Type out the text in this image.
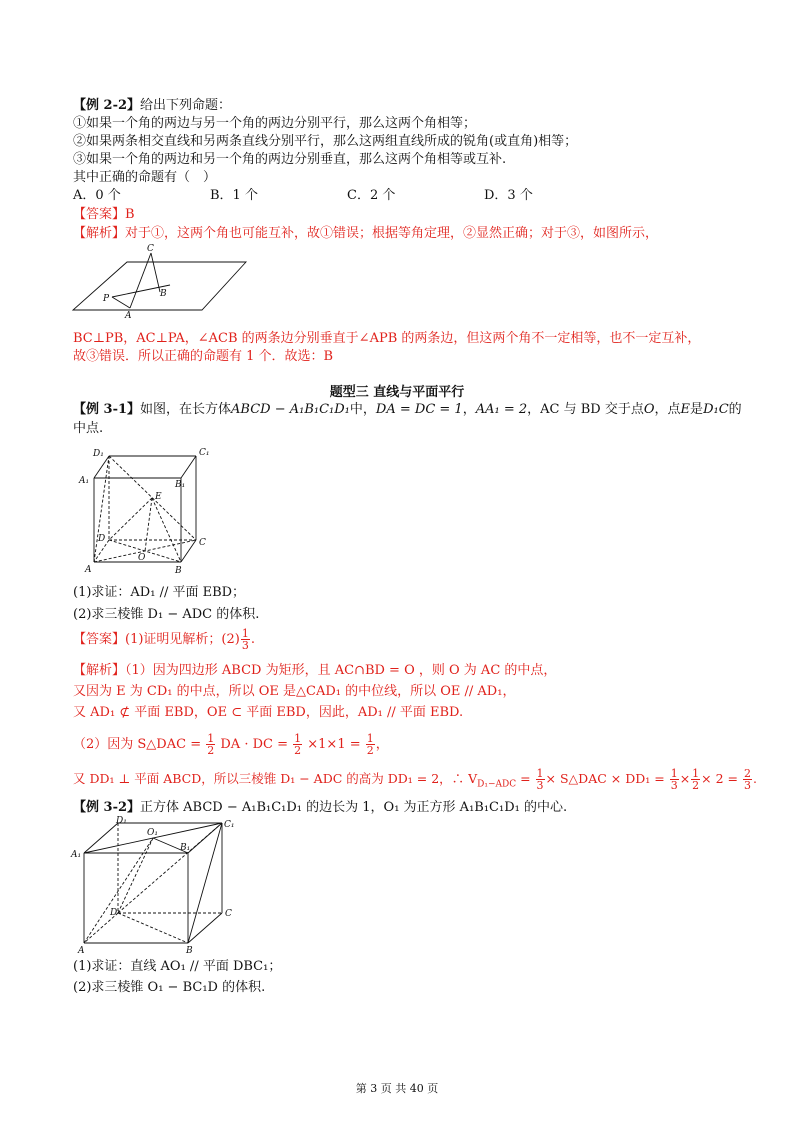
【例 2-2】给出下列命题：
①如果一个角的两边与另一个角的两边分别平行，那么这两个角相等；
②如果两条相交直线和另两条直线分别平行，那么这两组直线所成的锐角(或直角)相等；
③如果一个角的两边和另一个角的两边分别垂直，那么这两个角相等或互补.
其中正确的命题有（　）
A．0 个	B．1 个	C．2 个	D．3 个
【答案】B
【解析】对于①，这两个角也可能互补，故①错误；根据等角定理，②显然正确；对于③，如图所示，
C
B
P
A
BC⊥PB，AC⊥PA，∠ACB 的两条边分别垂直于∠APB 的两条边，但这两个角不一定相等，也不一定互补，
故③错误．所以正确的命题有 1 个．故选：B
题型三 直线与平面平行
【例 3-1】如图，在长方体ABCD − A₁B₁C₁D₁中，DA = DC = 1，AA₁ = 2，AC 与 BD 交于点O，点E是D₁C的
中点.
D₁	C₁
A₁	B₁
E
D
O
C
A	B
(1)求证：AD₁ // 平面 EBD；
(2)求三棱锥 D₁ − ADC 的体积.
【答案】(1)证明见解析；$(2) \frac{1}{3}$ .
【解析】（1）因为四边形 ABCD 为矩形，且 AC∩BD = O ，则 O 为 AC 的中点，
又因为 E 为 CD₁ 的中点，所以 OE 是△CAD₁ 的中位线，所以 OE // AD₁，
又 AD₁ ⊄ 平面 EBD，OE ⊂ 平面 EBD，因此，AD₁ // 平面 EBD.
（2）因为 S△DAC = $\frac{1}{2}$ DA · DC = $\frac{1}{2} \times 1\times 1 = \frac{1}{2}$ ，
又 DD₁ ⊥ 平面 ABCD，所以三棱锥 D₁ − ADC 的高为 DD₁ = 2，∴ $V_{D_1-ADC} = \frac{1}{3}$ × S△DAC × $DD_1 = \frac{1}{3} \times \frac{1}{2} \times 2 = \frac{2}{3}$ .
【例 3-2】正方体 ABCD − A₁B₁C₁D₁ 的边长为 1，O₁ 为正方形 A₁B₁C₁D₁ 的中心.
D₁
O₁
C₁
A₁
B₁
D	C
A	B
(1)求证：直线 AO₁ // 平面 DBC₁；
(2)求三棱锥 O₁ − BC₁D 的体积.
第 3 页 共 40 页
